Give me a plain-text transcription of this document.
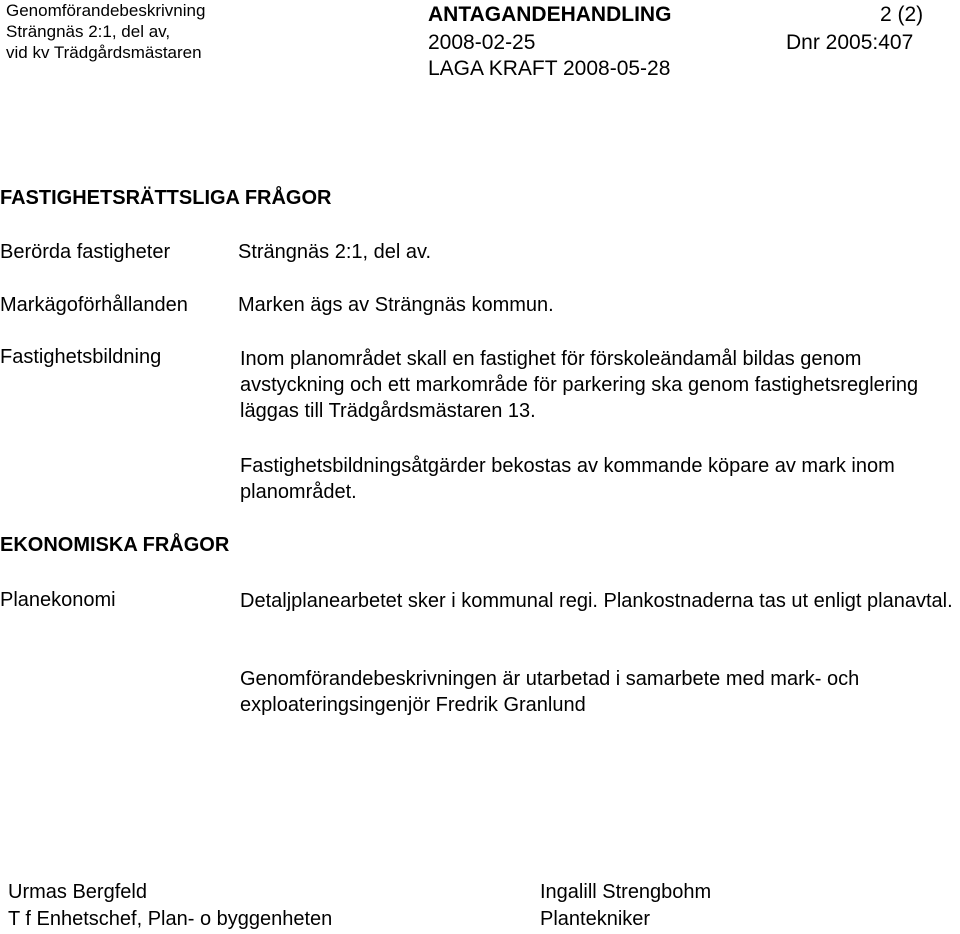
Genomförandebeskrivning
Strängnäs 2:1, del av,
vid kv Trädgårdsmästaren
ANTAGANDEHANDLING	2 (2)
2008-02-25	Dnr 2005:407
LAGA KRAFT 2008-05-28
FASTIGHETSRÄTTSLIGA FRÅGOR
Berörda fastigheter	Strängnäs 2:1, del av.
Markägoförhållanden	Marken ägs av Strängnäs kommun.
Fastighetsbildning	Inom planområdet skall en fastighet för förskoleändamål bildas genom avstyckning och ett markområde för parkering ska genom fastighetsreglering läggas till Trädgårdsmästaren 13.
Fastighetsbildningsåtgärder bekostas av kommande köpare av mark inom planområdet.
EKONOMISKA FRÅGOR
Planekonomi	Detaljplanearbetet sker i kommunal regi. Plankostnaderna tas ut enligt planavtal.
Genomförandebeskrivningen är utarbetad i samarbete med mark- och exploateringsingenjör Fredrik Granlund
Urmas Bergfeld
T f Enhetschef, Plan- o byggenheten
Ingalill Strengbohm
Plantekniker
